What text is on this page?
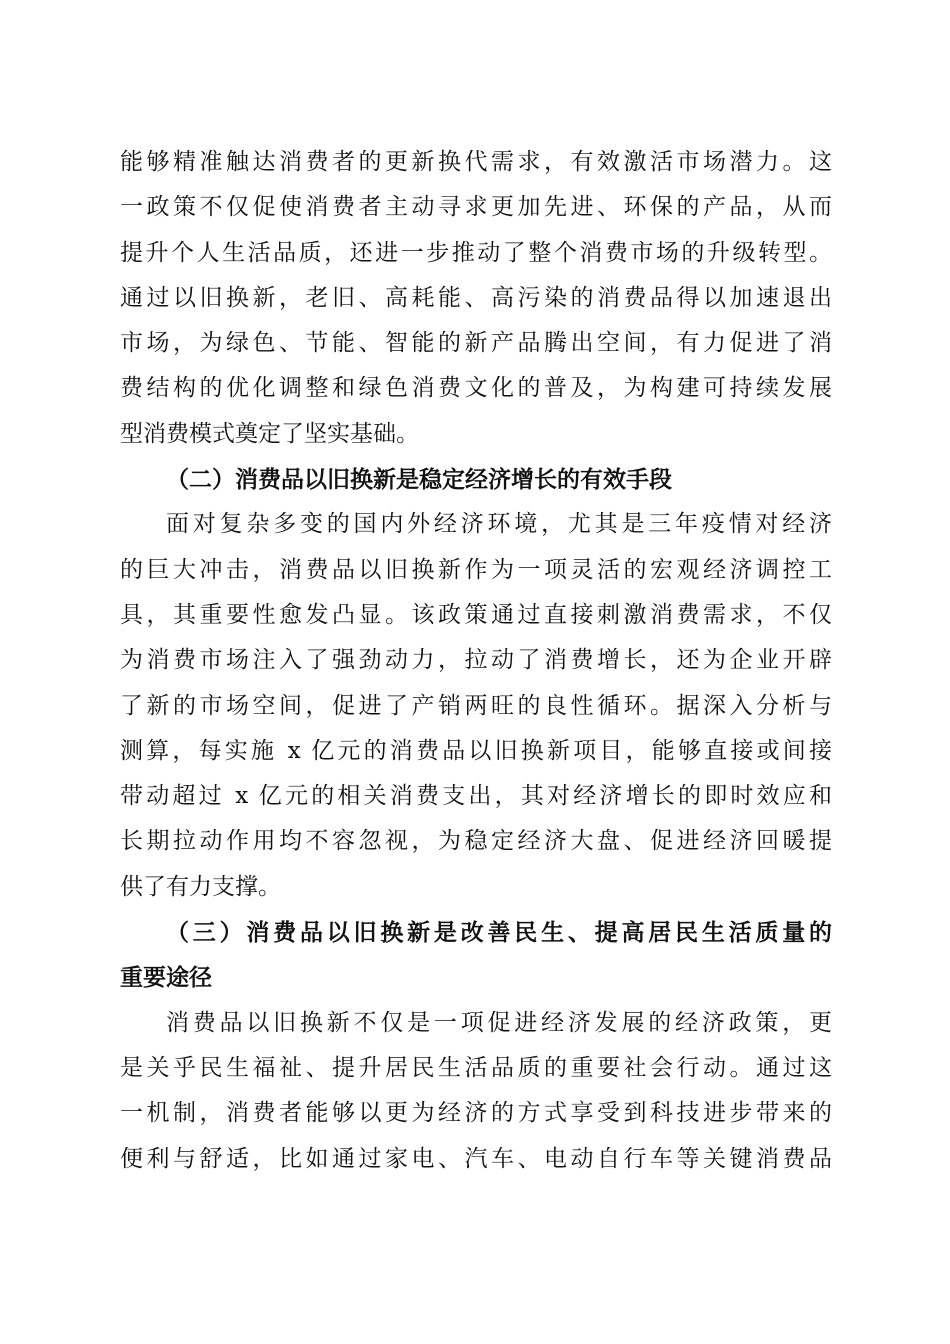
能够精准触达消费者的更新换代需求，有效激活市场潜力。这
一政策不仅促使消费者主动寻求更加先进、环保的产品，从而
提升个人生活品质，还进一步推动了整个消费市场的升级转型。
通过以旧换新，老旧、高耗能、高污染的消费品得以加速退出
市场，为绿色、节能、智能的新产品腾出空间，有力促进了消
费结构的优化调整和绿色消费文化的普及，为构建可持续发展
型消费模式奠定了坚实基础。
（二）消费品以旧换新是稳定经济增长的有效手段
面对复杂多变的国内外经济环境，尤其是三年疫情对经济
的巨大冲击，消费品以旧换新作为一项灵活的宏观经济调控工
具，其重要性愈发凸显。该政策通过直接刺激消费需求，不仅
为消费市场注入了强劲动力，拉动了消费增长，还为企业开辟
了新的市场空间，促进了产销两旺的良性循环。据深入分析与
测算，每实施 x 亿元的消费品以旧换新项目，能够直接或间接
带动超过 x 亿元的相关消费支出，其对经济增长的即时效应和
长期拉动作用均不容忽视，为稳定经济大盘、促进经济回暖提
供了有力支撑。
（三）消费品以旧换新是改善民生、提高居民生活质量的
重要途径
消费品以旧换新不仅是一项促进经济发展的经济政策，更
是关乎民生福祉、提升居民生活品质的重要社会行动。通过这
一机制，消费者能够以更为经济的方式享受到科技进步带来的
便利与舒适，比如通过家电、汽车、电动自行车等关键消费品
